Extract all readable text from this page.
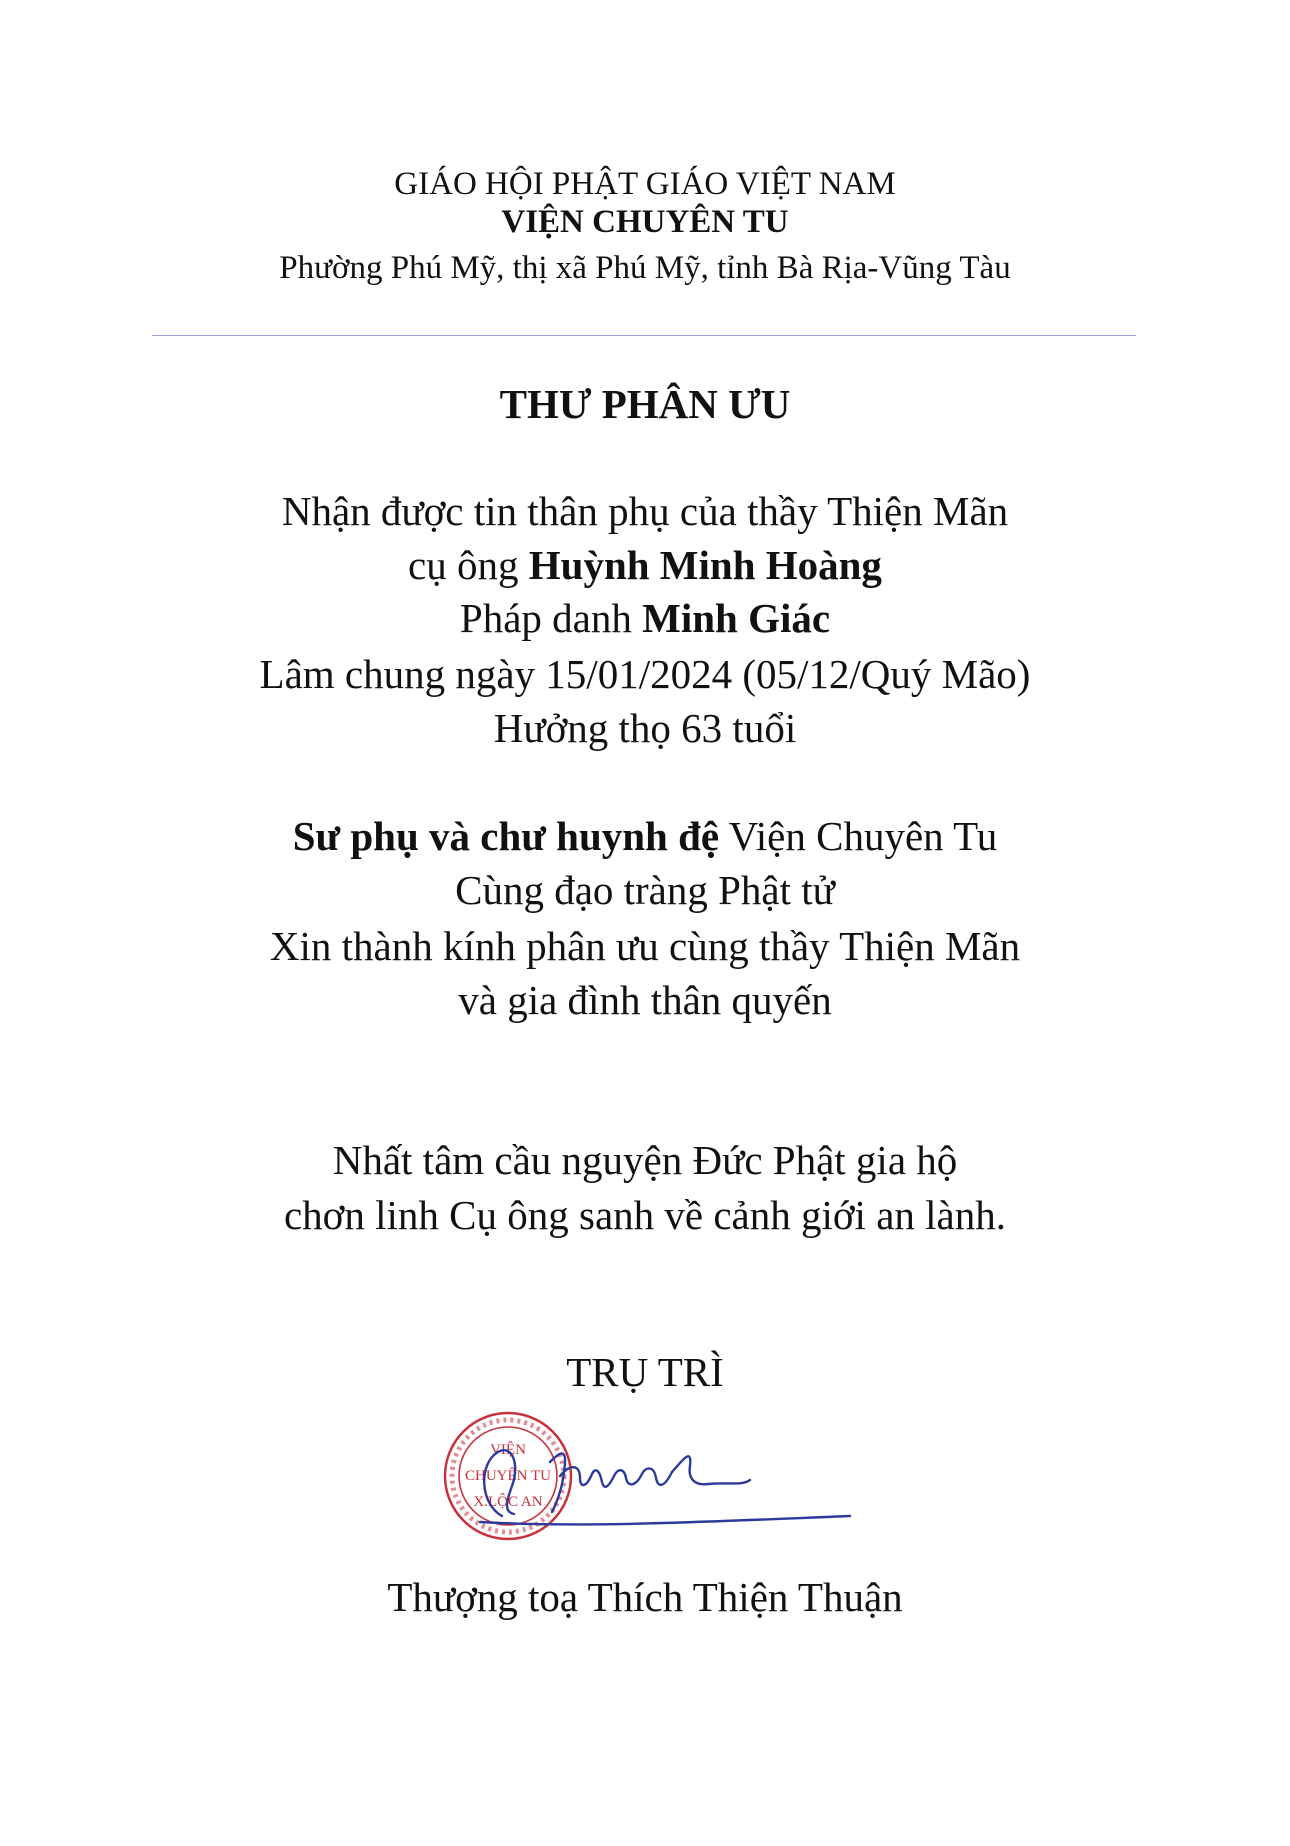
GIÁO HỘI PHẬT GIÁO VIỆT NAM
VIỆN CHUYÊN TU
Phường Phú Mỹ, thị xã Phú Mỹ, tỉnh Bà Rịa-Vũng Tàu
THƯ PHÂN ƯU
Nhận được tin thân phụ của thầy Thiện Mãn
cụ ông Huỳnh Minh Hoàng
Pháp danh Minh Giác
Lâm chung ngày 15/01/2024 (05/12/Quý Mão)
Hưởng thọ 63 tuổi
Sư phụ và chư huynh đệ Viện Chuyên Tu
Cùng đạo tràng Phật tử
Xin thành kính phân ưu cùng thầy Thiện Mãn
và gia đình thân quyến
Nhất tâm cầu nguyện Đức Phật gia hộ
chơn linh Cụ ông sanh về cảnh giới an lành.
TRỤ TRÌ
VIỆN
CHUYÊN TU
X.LỘC AN
Thượng toạ Thích Thiện Thuận
